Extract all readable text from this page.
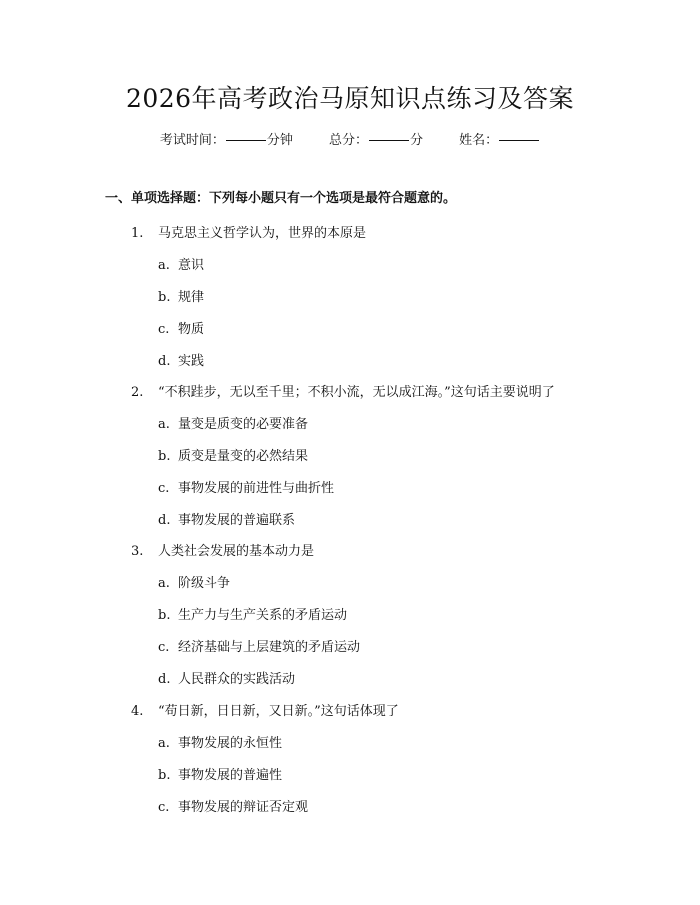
2026年高考政治马原知识点练习及答案
考试时间：	分钟	总分：	分	姓名：
一、单项选择题：下列每小题只有一个选项是最符合题意的。
1. 马克思主义哲学认为，世界的本原是
a. 意识
b. 规律
c. 物质
d. 实践
2. “不积跬步，无以至千里；不积小流，无以成江海。”这句话主要说明了
a. 量变是质变的必要准备
b. 质变是量变的必然结果
c. 事物发展的前进性与曲折性
d. 事物发展的普遍联系
3. 人类社会发展的基本动力是
a. 阶级斗争
b. 生产力与生产关系的矛盾运动
c. 经济基础与上层建筑的矛盾运动
d. 人民群众的实践活动
4. “苟日新，日日新，又日新。”这句话体现了
a. 事物发展的永恒性
b. 事物发展的普遍性
c. 事物发展的辩证否定观
